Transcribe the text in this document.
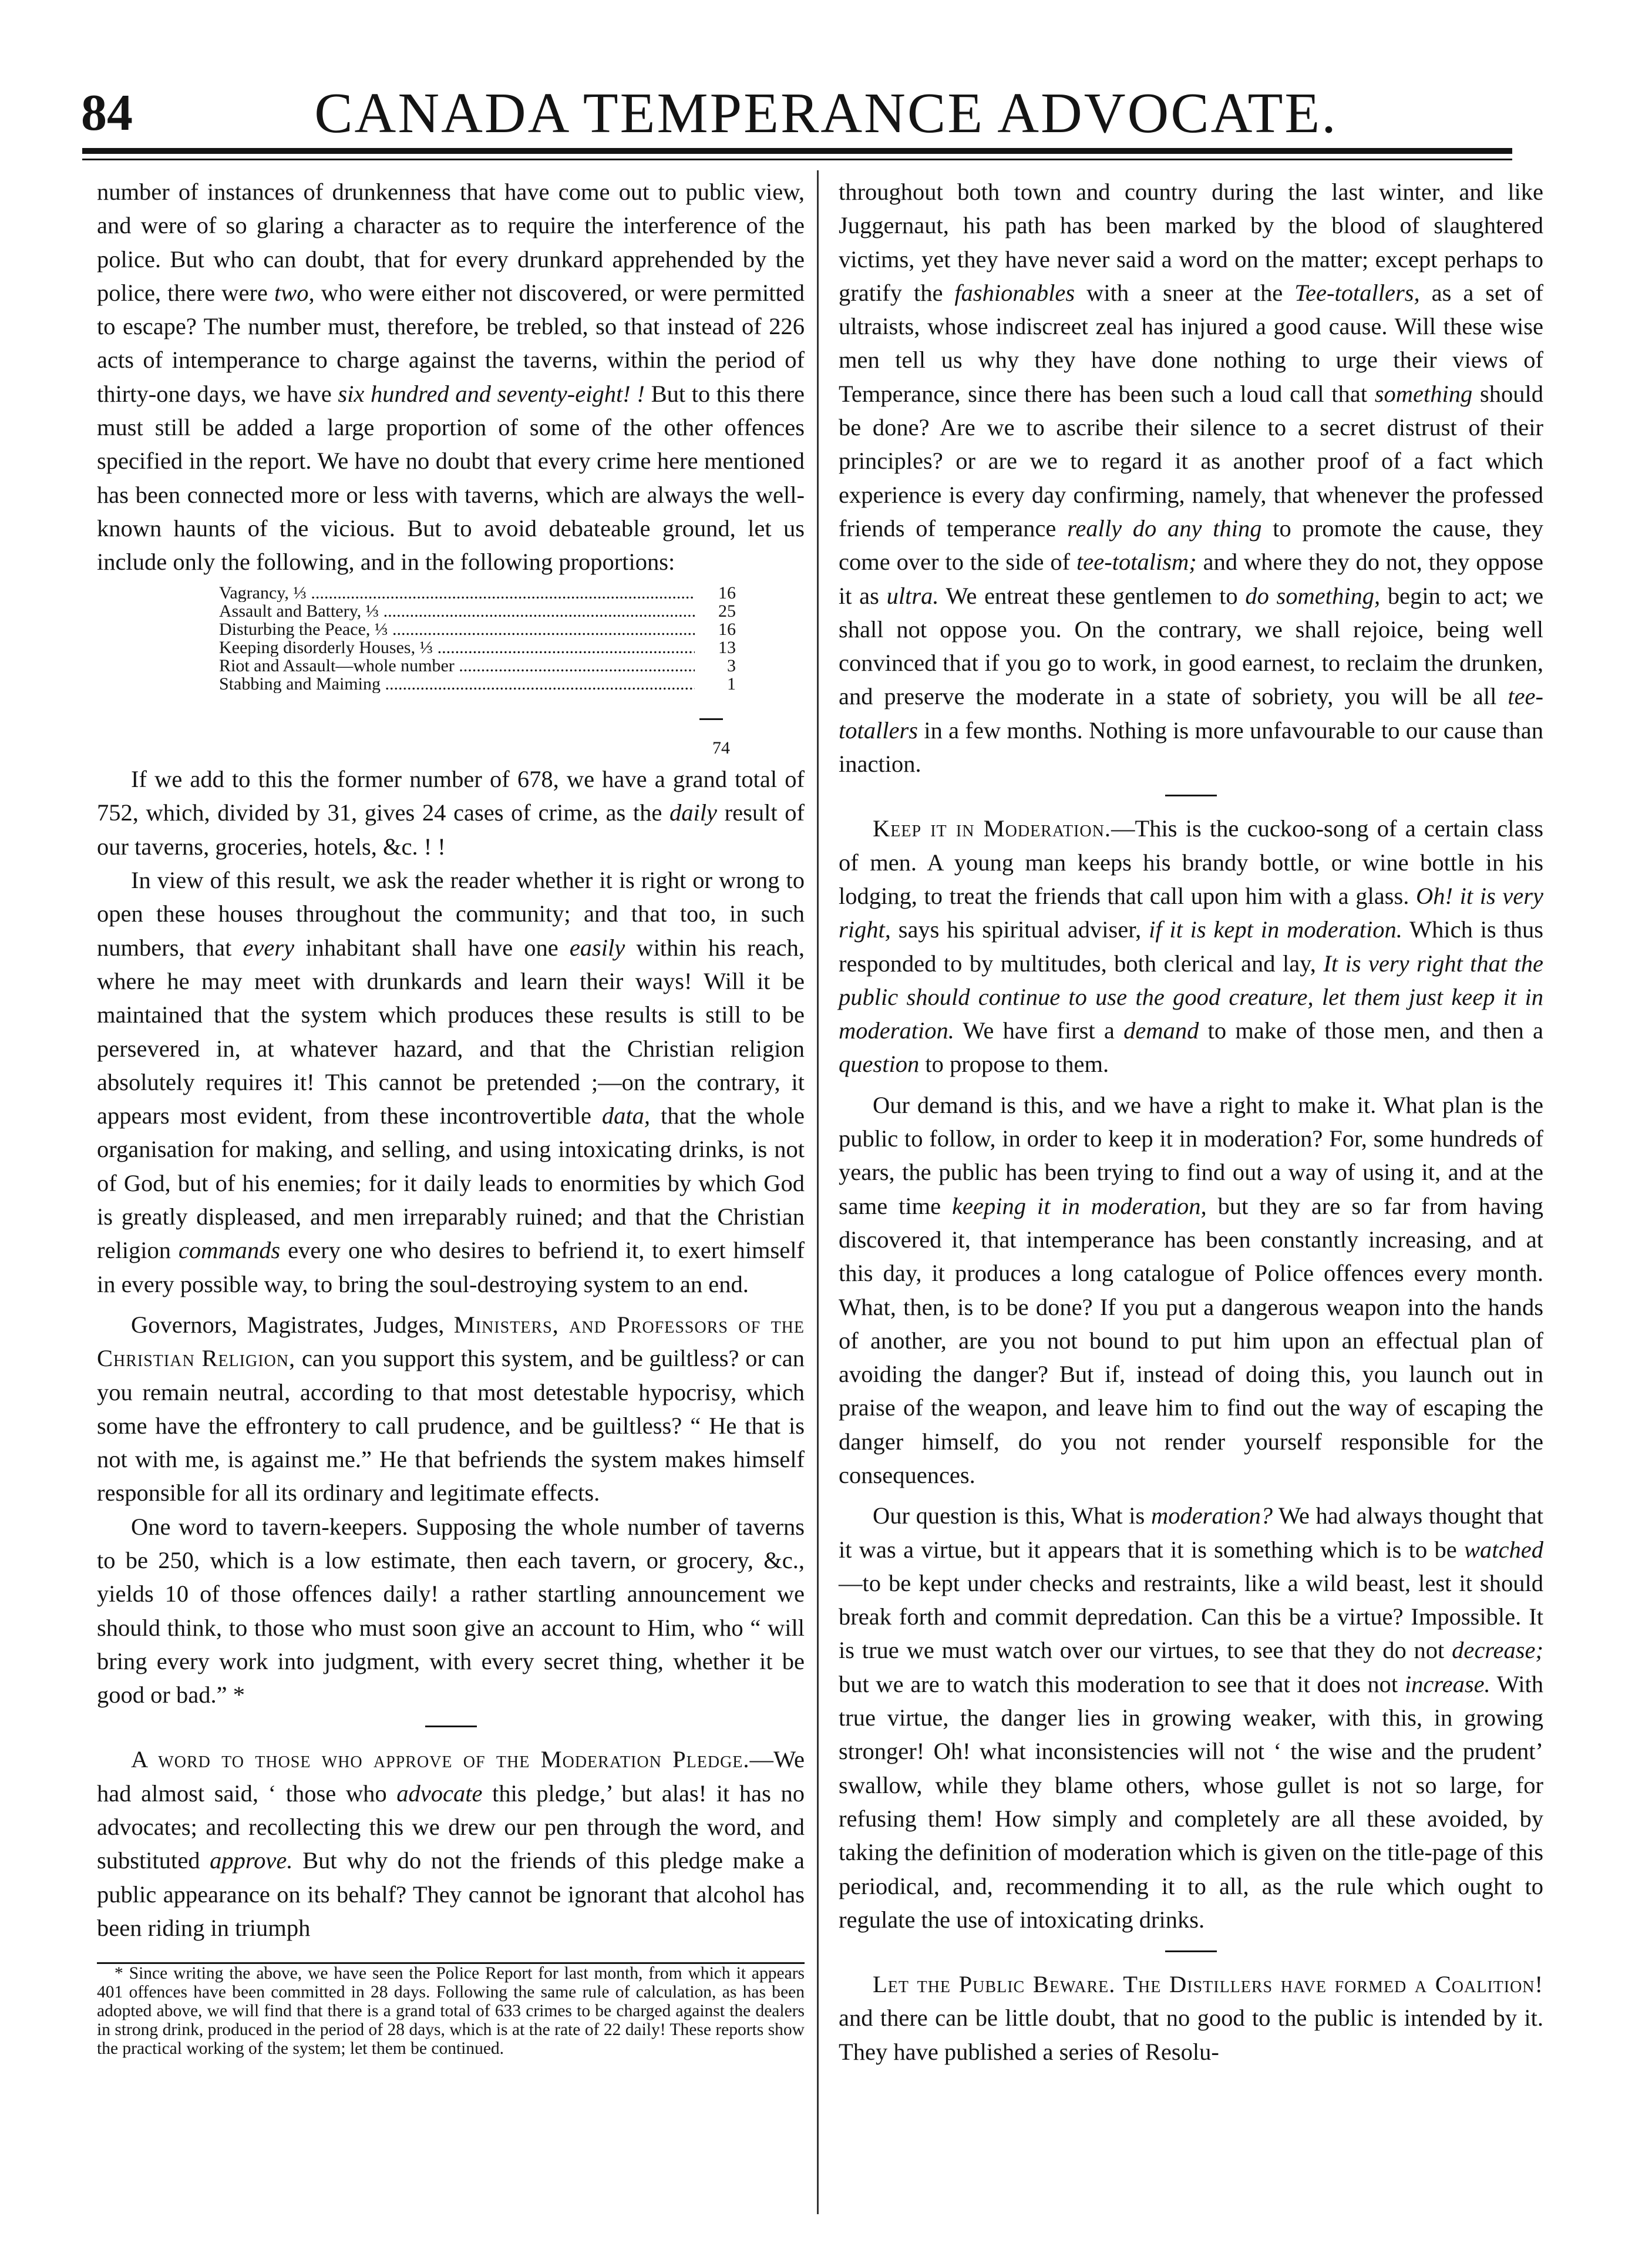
84	CANADA TEMPERANCE ADVOCATE.

number of instances of drunkenness that have come out to public view, and were of so glaring a character as to require the interference of the police. But who can doubt, that for every drunkard apprehended by the police, there were two, who were either not discovered, or were permitted to escape? The number must, therefore, be trebled, so that instead of 226 acts of intemperance to charge against the taverns, within the period of thirty-one days, we have six hundred and seventy-eight! ! But to this there must still be added a large proportion of some of the other offences specified in the report. We have no doubt that every crime here mentioned has been connected more or less with taverns, which are always the well-known haunts of the vicious. But to avoid debateable ground, let us include only the following, and in the following proportions:

Vagrancy, ⅓ .....	16
Assault and Battery, ⅓ .....	25
Disturbing the Peace, ⅓ .....	16
Keeping disorderly Houses, ⅓ .....	13
Riot and Assault—whole number .....	3
Stabbing and Maiming .....	1
74

If we add to this the former number of 678, we have a grand total of 752, which, divided by 31, gives 24 cases of crime, as the daily result of our taverns, groceries, hotels, &c. ! !

In view of this result, we ask the reader whether it is right or wrong to open these houses throughout the community; and that too, in such numbers, that every inhabitant shall have one easily within his reach, where he may meet with drunkards and learn their ways! Will it be maintained that the system which produces these results is still to be persevered in, at whatever hazard, and that the Christian religion absolutely requires it! This cannot be pretended ;—on the contrary, it appears most evident, from these incontrovertible data, that the whole organisation for making, and selling, and using intoxicating drinks, is not of God, but of his enemies; for it daily leads to enormities by which God is greatly displeased, and men irreparably ruined; and that the Christian religion commands every one who desires to befriend it, to exert himself in every possible way, to bring the soul-destroying system to an end.

Governors, Magistrates, Judges, Ministers, and Professors of the Christian Religion, can you support this system, and be guiltless? or can you remain neutral, according to that most detestable hypocrisy, which some have the effrontery to call prudence, and be guiltless? “ He that is not with me, is against me.” He that befriends the system makes himself responsible for all its ordinary and legitimate effects.

One word to tavern-keepers. Supposing the whole number of taverns to be 250, which is a low estimate, then each tavern, or grocery, &c., yields 10 of those offences daily! a rather startling announcement we should think, to those who must soon give an account to Him, who “ will bring every work into judgment, with every secret thing, whether it be good or bad.” *

A word to those who approve of the Moderation Pledge.—We had almost said, ‘ those who advocate this pledge,’ but alas! it has no advocates; and recollecting this we drew our pen through the word, and substituted approve. But why do not the friends of this pledge make a public appearance on its behalf? They cannot be ignorant that alcohol has been riding in triumph

* Since writing the above, we have seen the Police Report for last month, from which it appears 401 offences have been committed in 28 days. Following the same rule of calculation, as has been adopted above, we will find that there is a grand total of 633 crimes to be charged against the dealers in strong drink, produced in the period of 28 days, which is at the rate of 22 daily! These reports show the practical working of the system; let them be continued.

throughout both town and country during the last winter, and like Juggernaut, his path has been marked by the blood of slaughtered victims, yet they have never said a word on the matter; except perhaps to gratify the fashionables with a sneer at the Tee-totallers, as a set of ultraists, whose indiscreet zeal has injured a good cause. Will these wise men tell us why they have done nothing to urge their views of Temperance, since there has been such a loud call that something should be done? Are we to ascribe their silence to a secret distrust of their principles? or are we to regard it as another proof of a fact which experience is every day confirming, namely, that whenever the professed friends of temperance really do any thing to promote the cause, they come over to the side of tee-totalism; and where they do not, they oppose it as ultra. We entreat these gentlemen to do something, begin to act; we shall not oppose you. On the contrary, we shall rejoice, being well convinced that if you go to work, in good earnest, to reclaim the drunken, and preserve the moderate in a state of sobriety, you will be all tee-totallers in a few months. Nothing is more unfavourable to our cause than inaction.

Keep it in Moderation.—This is the cuckoo-song of a certain class of men. A young man keeps his brandy bottle, or wine bottle in his lodging, to treat the friends that call upon him with a glass. Oh! it is very right, says his spiritual adviser, if it is kept in moderation. Which is thus responded to by multitudes, both clerical and lay, It is very right that the public should continue to use the good creature, let them just keep it in moderation. We have first a demand to make of those men, and then a question to propose to them.

Our demand is this, and we have a right to make it. What plan is the public to follow, in order to keep it in moderation? For, some hundreds of years, the public has been trying to find out a way of using it, and at the same time keeping it in moderation, but they are so far from having discovered it, that intemperance has been constantly increasing, and at this day, it produces a long catalogue of Police offences every month. What, then, is to be done? If you put a dangerous weapon into the hands of another, are you not bound to put him upon an effectual plan of avoiding the danger? But if, instead of doing this, you launch out in praise of the weapon, and leave him to find out the way of escaping the danger himself, do you not render yourself responsible for the consequences.

Our question is this, What is moderation? We had always thought that it was a virtue, but it appears that it is something which is to be watched—to be kept under checks and restraints, like a wild beast, lest it should break forth and commit depredation. Can this be a virtue? Impossible. It is true we must watch over our virtues, to see that they do not decrease; but we are to watch this moderation to see that it does not increase. With true virtue, the danger lies in growing weaker, with this, in growing stronger! Oh! what inconsistencies will not ‘ the wise and the prudent’ swallow, while they blame others, whose gullet is not so large, for refusing them! How simply and completely are all these avoided, by taking the definition of moderation which is given on the title-page of this periodical, and, recommending it to all, as the rule which ought to regulate the use of intoxicating drinks.

Let the Public Beware. The Distillers have formed a Coalition! and there can be little doubt, that no good to the public is intended by it. They have published a series of Resolu-
